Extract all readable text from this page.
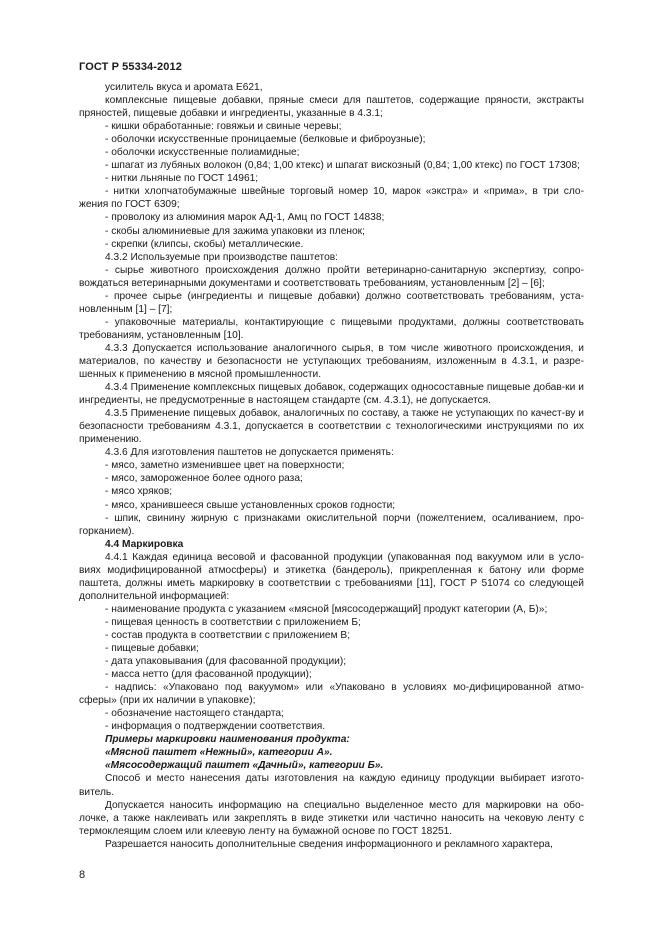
ГОСТ Р 55334-2012

усилитель вкуса и аромата Е621,

комплексные пищевые добавки, пряные смеси для паштетов, содержащие пряности, экстракты пряностей, пищевые добавки и ингредиенты, указанные в 4.3.1;

- кишки обработанные: говяжьи и свиные черевы;

- оболочки искусственные проницаемые (белковые и фиброузные);

- оболочки искусственные полиамидные;

- шпагат из лубяных волокон (0,84; 1,00 ктекс) и шпагат вискозный (0,84; 1,00 ктекс) по ГОСТ 17308;

- нитки льняные по ГОСТ 14961;

- нитки хлопчатобумажные швейные торговый номер 10, марок «экстра» и «прима», в три сло-жения по ГОСТ 6309;

- проволоку из алюминия марок АД-1, Амц по ГОСТ 14838;

- скобы алюминиевые для зажима упаковки из пленок;

- скрепки (клипсы, скобы) металлические.

4.3.2 Используемые при производстве паштетов:

- сырье животного происхождения должно пройти ветеринарно-санитарную экспертизу, сопро-вождаться ветеринарными документами и соответствовать требованиям, установленным [2] – [6];

- прочее сырье (ингредиенты и пищевые добавки) должно соответствовать требованиям, уста-новленным [1] – [7];

- упаковочные материалы, контактирующие с пищевыми продуктами, должны соответствовать требованиям, установленным [10].

4.3.3 Допускается использование аналогичного сырья, в том числе животного происхождения, и материалов, по качеству и безопасности не уступающих требованиям, изложенным в 4.3.1, и разре-шенных к применению в мясной промышленности.

4.3.4 Применение комплексных пищевых добавок, содержащих односоставные пищевые добав-ки и ингредиенты, не предусмотренные в настоящем стандарте (см. 4.3.1), не допускается.

4.3.5 Применение пищевых добавок, аналогичных по составу, а также не уступающих по качест-ву и безопасности требованиям 4.3.1, допускается в соответствии с технологическими инструкциями по их применению.

4.3.6 Для изготовления паштетов не допускается применять:

- мясо, заметно изменившее цвет на поверхности;

- мясо, замороженное более одного раза;

- мясо хряков;

- мясо, хранившееся свыше установленных сроков годности;

- шпик, свинину жирную с признаками окислительной порчи (пожелтением, осаливанием, про-горканием).

4.4 Маркировка

4.4.1 Каждая единица весовой и фасованной продукции (упакованная под вакуумом или в усло-виях модифицированной атмосферы) и этикетка (бандероль), прикрепленная к батону или форме паштета, должны иметь маркировку в соответствии с требованиями [11], ГОСТ Р 51074 со следующей дополнительной информацией:

- наименование продукта с указанием «мясной [мясосодержащий] продукт категории (А, Б)»;

- пищевая ценность в соответствии с приложением Б;

- состав продукта в соответствии с приложением В;

- пищевые добавки;

- дата упаковывания (для фасованной продукции);

- масса нетто (для фасованной продукции);

- надпись: «Упаковано под вакуумом» или «Упаковано в условиях мо-дифицированной атмо-сферы» (при их наличии в упаковке);

- обозначение настоящего стандарта;

- информация о подтверждении соответствия.

Примеры маркировки наименования продукта:

«Мясной паштет «Нежный», категории А».

«Мясосодержащий паштет «Дачный», категории Б».

Способ и место нанесения даты изготовления на каждую единицу продукции выбирает изгото-витель.

Допускается наносить информацию на специально выделенное место для маркировки на обо-лочке, а также наклеивать или закреплять в виде этикетки или частично наносить на чековую ленту с термоклеящим слоем или клеевую ленту на бумажной основе по ГОСТ 18251.

Разрешается наносить дополнительные сведения информационного и рекламного характера,

8
